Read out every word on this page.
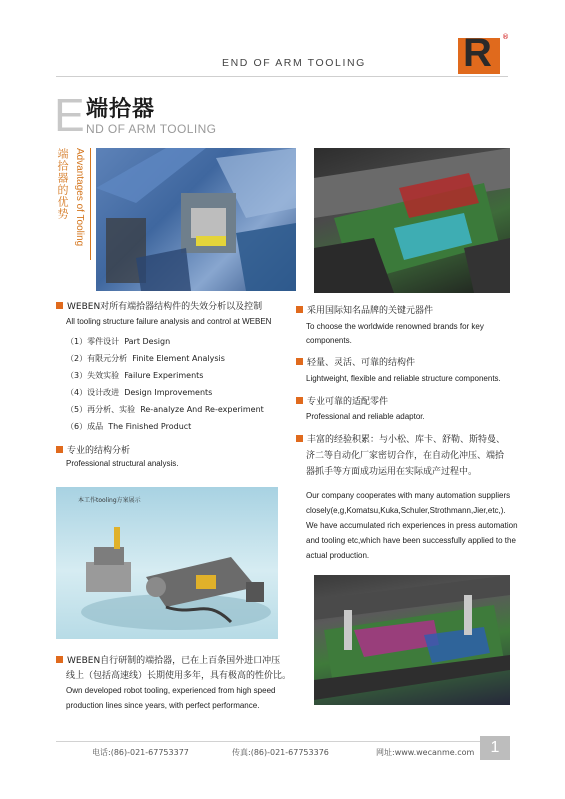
END OF ARM TOOLING R ®
E 端拾器
ND OF ARM TOOLING
端拾器的优势 Advantages of Tooling
WEBEN对所有端拾器结构件的失效分析以及控制
All tooling structure failure analysis and control at WEBEN
（1）零件设计 Part Design
（2）有限元分析 Finite Element Analysis
（3）失效实验 Failure Experiments
（4）设计改进 Design Improvements
（5）再分析、实验 Re-analyze And Re-experiment
（6）成品 The Finished Product
专业的结构分析
Professional structural analysis.
本工作tooling方案展示
WEBEN自行研制的端拾器，已在上百条国外进口冲压
线上（包括高速线）长期使用多年，具有极高的性价比。
Own developed robot tooling, experienced from high speed
production lines since years, with perfect performance.
采用国际知名品牌的关键元器件
To choose the worldwide renowned brands for key
components.
轻量、灵活、可靠的结构件
Lightweight, flexible and reliable structure components.
专业可靠的适配零件
Professional and reliable adaptor.
丰富的经验积累：与小松、库卡、舒勒、斯特曼、
济二等自动化厂家密切合作，在自动化冲压、端拾
器抓手等方面成功运用在实际成产过程中。
Our company cooperates with many automation suppliers
closely(e,g,Komatsu,Kuka,Schuler,Strothmann,Jier,etc,).
We have accumulated rich experiences in press automation
and tooling etc,which have been successfully applied to the
actual production.
电话:(86)-021-67753377	传真:(86)-021-67753376	网址:www.wecanme.com	1
